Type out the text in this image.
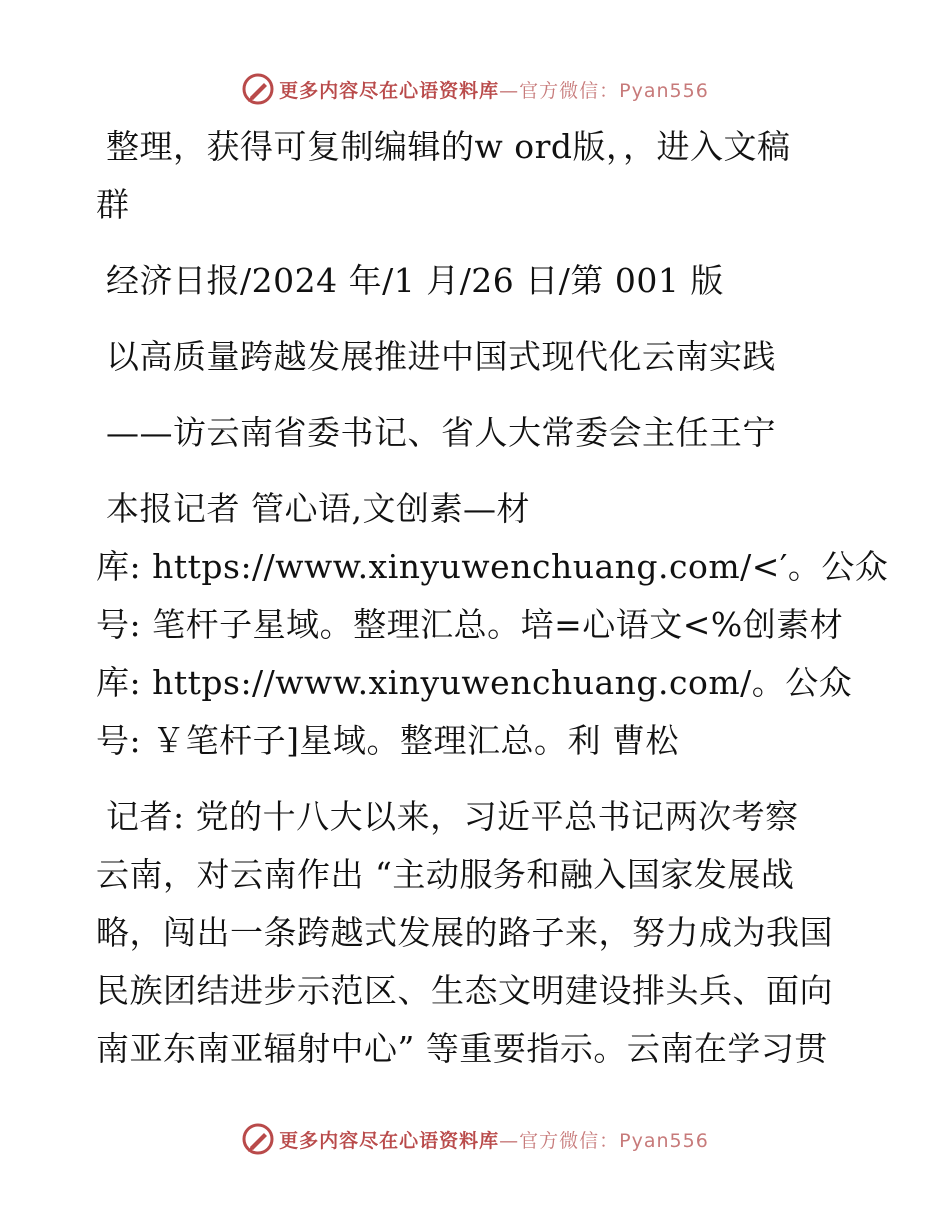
更多内容尽在心语资料库 —官方微信：Pyan556

整理，获得可复制编辑的w ord版，，进入文稿
群

经济日报/2024 年/1 月/26 日/第 001 版

以高质量跨越发展推进中国式现代化云南实践

——访云南省委书记、省人大常委会主任王宁

本报记者 管心语,文创素—材
库: https://www.xinyuwenchuang.com/<′。公众
号: 笔杆子星域。整理汇总。培=心语文<%创素材
库: https://www.xinyuwenchuang.com/。公众
号: ￥笔杆子]星域。整理汇总。利 曹松

记者: 党的十八大以来，习近平总书记两次考察
云南，对云南作出 “主动服务和融入国家发展战
略，闯出一条跨越式发展的路子来，努力成为我国
民族团结进步示范区、生态文明建设排头兵、面向
南亚东南亚辐射中心” 等重要指示。云南在学习贯

更多内容尽在心语资料库 —官方微信：Pyan556
